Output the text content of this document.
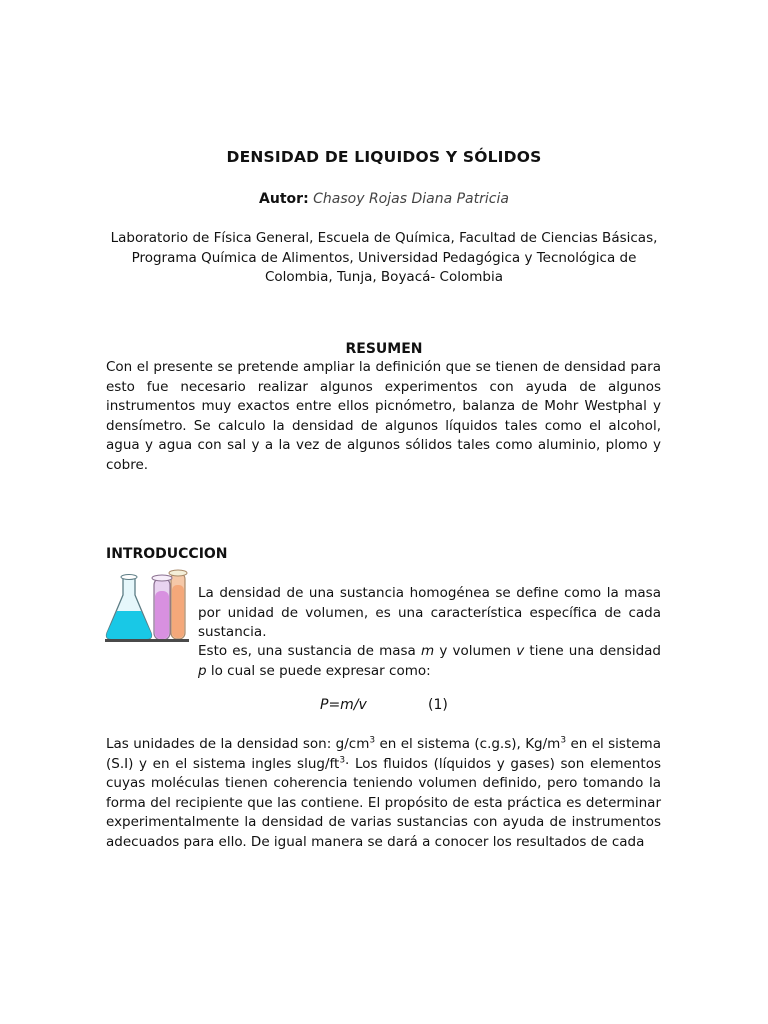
DENSIDAD DE LIQUIDOS Y SÓLIDOS
Autor: Chasoy Rojas Diana Patricia
Laboratorio de Física General, Escuela de Química, Facultad de Ciencias Básicas, Programa Química de Alimentos, Universidad Pedagógica y Tecnológica de Colombia, Tunja, Boyacá- Colombia
RESUMEN
Con el presente se pretende ampliar la definición que se tienen de densidad para esto fue necesario realizar algunos experimentos con ayuda de algunos instrumentos muy exactos entre ellos picnómetro, balanza de Mohr Westphal y densímetro. Se calculo la densidad de algunos líquidos tales como el alcohol, agua y agua con sal y a la vez de algunos sólidos tales como aluminio, plomo y cobre.
INTRODUCCION
La densidad de una sustancia homogénea se define como la masa por unidad de volumen, es una característica específica de cada sustancia.
Esto es, una sustancia de masa m y volumen v tiene una densidad p lo cual se puede expresar como:
P=m/v	(1)
Las unidades de la densidad son: $g/cm^3$ en el sistema (c.g.s), $Kg/m^3$ en el sistema (S.I) y en el sistema ingles slug/$ft^3\cdot$ Los fluidos (líquidos y gases) son elementos cuyas moléculas tienen coherencia teniendo volumen definido, pero tomando la forma del recipiente que las contiene. El propósito de esta práctica es determinar experimentalmente la densidad de varias sustancias con ayuda de instrumentos adecuados para ello. De igual manera se dará a conocer los resultados de cada
